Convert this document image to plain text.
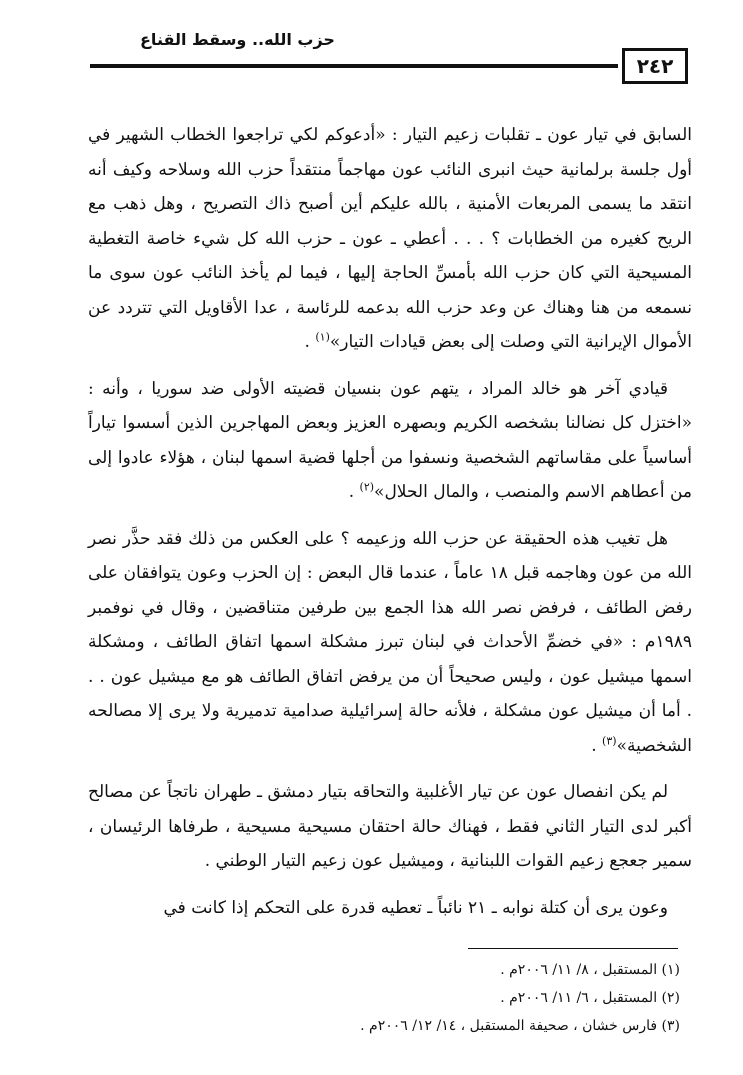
حزب الله.. وسقط القناع
٢٤٢

السابق في تيار عون ـ تقلبات زعيم التيار : «أدعوكم لكي تراجعوا الخطاب الشهير في أول جلسة برلمانية حيث انبرى النائب عون مهاجماً منتقداً حزب الله وسلاحه وكيف أنه انتقد ما يسمى المربعات الأمنية ، بالله عليكم أين أصبح ذاك التصريح ، وهل ذهب مع الريح كغيره من الخطابات ؟ . . . أعطي ـ عون ـ حزب الله كل شيء خاصة التغطية المسيحية التي كان حزب الله بأمسِّ الحاجة إليها ، فيما لم يأخذ النائب عون سوى ما نسمعه من هنا وهناك عن وعد حزب الله بدعمه للرئاسة ، عدا الأقاويل التي تتردد عن الأموال الإيرانية التي وصلت إلى بعض قيادات التيار»$^{(١)}$ .

قيادي آخر هو خالد المراد ، يتهم عون بنسيان قضيته الأولى ضد سوريا ، وأنه : «اختزل كل نضالنا بشخصه الكريم وبصهره العزيز وبعض المهاجرين الذين أسسوا تياراً أساسياً على مقاساتهم الشخصية ونسفوا من أجلها قضية اسمها لبنان ، هؤلاء عادوا إلى من أعطاهم الاسم والمنصب ، والمال الحلال»$^{(٢)}$ .

هل تغيب هذه الحقيقة عن حزب الله وزعيمه ؟ على العكس من ذلك فقد حذَّر نصر الله من عون وهاجمه قبل ١٨ عاماً ، عندما قال البعض : إن الحزب وعون يتوافقان على رفض الطائف ، فرفض نصر الله هذا الجمع بين طرفين متناقضين ، وقال في نوفمبر ١٩٨٩م : «في خضمِّ الأحداث في لبنان تبرز مشكلة اسمها اتفاق الطائف ، ومشكلة اسمها ميشيل عون ، وليس صحيحاً أن من يرفض اتفاق الطائف هو مع ميشيل عون . . . أما أن ميشيل عون مشكلة ، فلأنه حالة إسرائيلية صدامية تدميرية ولا يرى إلا مصالحه الشخصية»$^{(٣)}$ .

لم يكن انفصال عون عن تيار الأغلبية والتحاقه بتيار دمشق ـ طهران ناتجاً عن مصالح أكبر لدى التيار الثاني فقط ، فهناك حالة احتقان مسيحية مسيحية ، طرفاها الرئيسان ، سمير جعجع زعيم القوات اللبنانية ، وميشيل عون زعيم التيار الوطني .

وعون يرى أن كتلة نوابه ـ ٢١ نائباً ـ تعطيه قدرة على التحكم إذا كانت في

(١) المستقبل ، ٨/ ١١/ ٢٠٠٦م .
(٢) المستقبل ، ٦/ ١١/ ٢٠٠٦م .
(٣) فارس خشان ، صحيفة المستقبل ، ١٤/ ١٢/ ٢٠٠٦م .
